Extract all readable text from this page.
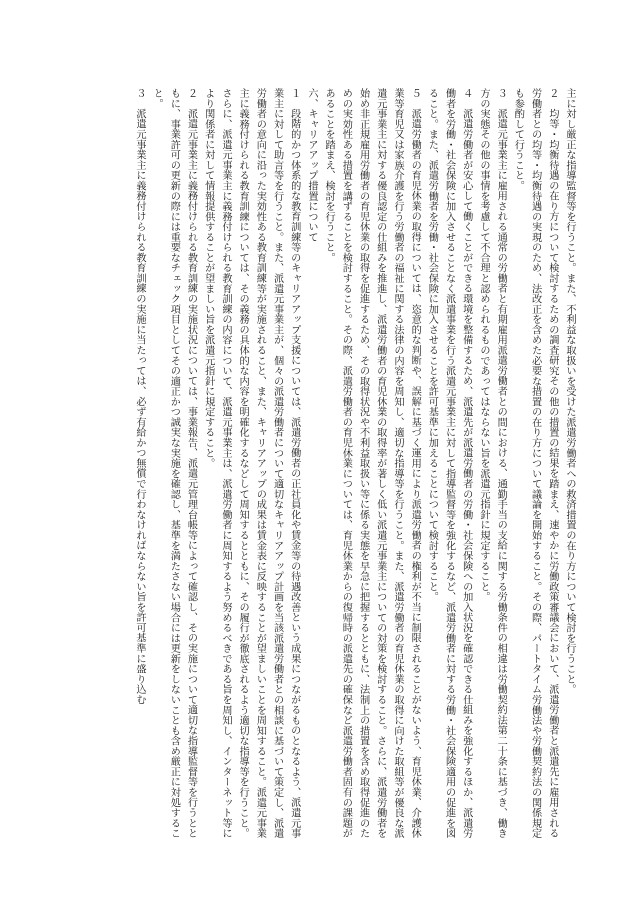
主に対し厳正な指導監督等を行うこと。また、不利益な取扱いを受けた派遣労働者への救済措置の在り方について検討を行うこと。

２均等・均衡待遇の在り方について検討するための調査研究その他の措置の結果を踏まえ、速やかに労働政策審議会において、派遣労働者と派遣先に雇用される労働者との均等・均衡待遇の実現のため、法改正を含めた必要な措置の在り方について議論を開始すること。その際、パートタイム労働法や労働契約法の関係規定も参酌して行うこと。

３派遣元事業主に雇用される通常の労働者と有期雇用派遣労働者との間における、通勤手当の支給に関する労働条件の相違は労働契約法第二十条に基づき、働き方の実態その他の事情を考慮して不合理と認められるものであってはならない旨を派遣元指針に規定すること。

４派遣労働者が安心して働くことができる環境を整備するため、派遣先が派遣労働者の労働・社会保険への加入状況を確認できる仕組みを強化するほか、派遣労働者を労働・社会保険に加入させることなく派遣事業を行う派遣元事業主に対して指導監督等を強化するなど、派遣労働者に対する労働・社会保険適用の促進を図ること。また、派遣労働者を労働・社会保険に加入させることを許可基準に加えることについて検討すること。

５派遣労働者の育児休業の取得については、恣意的な判断や、誤解に基づく運用により派遣労働者の権利が不当に制限されることがないよう、育児休業、介護休業等育児又は家族介護を行う労働者の福祉に関する法律の内容を周知し、適切な指導等を行うこと。また、派遣労働者の育児休業の取得に向けた取組等が優良な派遣元事業主に対する優良認定の仕組みを推進し、派遣労働者の育児休業の取得率が著しく低い派遣元事業主についての対策を検討すること。さらに、派遣労働者を始め非正規雇用労働者の育児休業の取得を促進するため、その取得状況や不利益取扱い等に係る実態を早急に把握するとともに、法制上の措置を含め取得促進のための実効性ある措置を講ずることを検討すること。その際、派遣労働者の育児休業については、育児休業からの復帰時の派遣先の確保など派遣労働者固有の課題があることを踏まえ、検討を行うこと。

六、キャリアアップ措置について

１段階的かつ体系的な教育訓練等のキャリアアップ支援については、派遣労働者の正社員化や賃金等の待遇改善という成果につながるものとなるよう、派遣元事業主に対して助言等を行うこと。また、派遣元事業主が、個々の派遣労働者について適切なキャリアアップ計画を当該派遣労働者との相談に基づいて策定し、派遣労働者の意向に沿った実効性ある教育訓練等が実施されること、また、キャリアアップの成果は賃金表に反映することが望ましいことを周知すること。派遣元事業主に義務付けられる教育訓練については、その義務の具体的な内容を明確化するなどして周知するとともに、その履行が徹底されるよう適切な指導等を行うこと。さらに、派遣元事業主に義務付けられる教育訓練の内容について、派遣元事業主は、派遣労働者に周知するよう努めるべきである旨を周知し、インターネット等により関係者に対して情報提供することが望ましい旨を派遣元指針に規定すること。

２派遣元事業主に義務付けられる教育訓練の実施状況については、事業報告、派遣元管理台帳等によって確認し、その実施について適切な指導監督等を行うとともに、事業許可の更新の際には重要なチェック項目としてその適正かつ誠実な実施を確認し、基準を満たさない場合には更新をしないことも含め厳正に対処すること。

３派遣元事業主に義務付けられる教育訓練の実施に当たっては、必ず有給かつ無償で行わなければならない旨を許可基準に盛り込む
